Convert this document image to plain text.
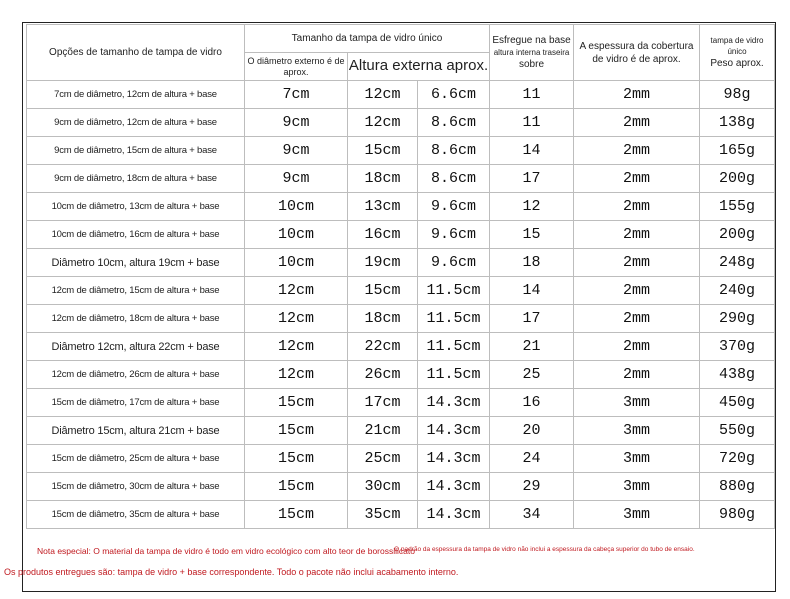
Opções de tamanho de tampa de vidro	Tamanho da tampa de vidro único			Esfregue na base
altura interna traseira
sobre	A espessura da cobertura de vidro é de aprox.	tampa de vidro único
Peso aprox.

	O diâmetro externo é de aprox.	Altura externa aprox.				
7cm de diâmetro, 12cm de altura + base	7cm	12cm	6.6cm	11	2mm	98g
9cm de diâmetro, 12cm de altura + base	9cm	12cm	8.6cm	11	2mm	138g
9cm de diâmetro, 15cm de altura + base	9cm	15cm	8.6cm	14	2mm	165g
9cm de diâmetro, 18cm de altura + base	9cm	18cm	8.6cm	17	2mm	200g
10cm de diâmetro, 13cm de altura + base	10cm	13cm	9.6cm	12	2mm	155g
10cm de diâmetro, 16cm de altura + base	10cm	16cm	9.6cm	15	2mm	200g
Diâmetro 10cm, altura 19cm + base	10cm	19cm	9.6cm	18	2mm	248g
12cm de diâmetro, 15cm de altura + base	12cm	15cm	11.5cm	14	2mm	240g
12cm de diâmetro, 18cm de altura + base	12cm	18cm	11.5cm	17	2mm	290g
Diâmetro 12cm, altura 22cm + base	12cm	22cm	11.5cm	21	2mm	370g
12cm de diâmetro, 26cm de altura + base	12cm	26cm	11.5cm	25	2mm	438g
15cm de diâmetro, 17cm de altura + base	15cm	17cm	14.3cm	16	3mm	450g
Diâmetro 15cm, altura 21cm + base	15cm	21cm	14.3cm	20	3mm	550g
15cm de diâmetro, 25cm de altura + base	15cm	25cm	14.3cm	24	3mm	720g
15cm de diâmetro, 30cm de altura + base	15cm	30cm	14.3cm	29	3mm	880g
15cm de diâmetro, 35cm de altura + base	15cm	35cm	14.3cm	34	3mm	980g
Nota especial: O material da tampa de vidro é todo em vidro ecológico com alto teor de borossilicato
O padrão da espessura da tampa de vidro não inclui a espessura da cabeça superior do tubo de ensaio.
Os produtos entregues são: tampa de vidro + base correspondente. Todo o pacote não inclui acabamento interno.
